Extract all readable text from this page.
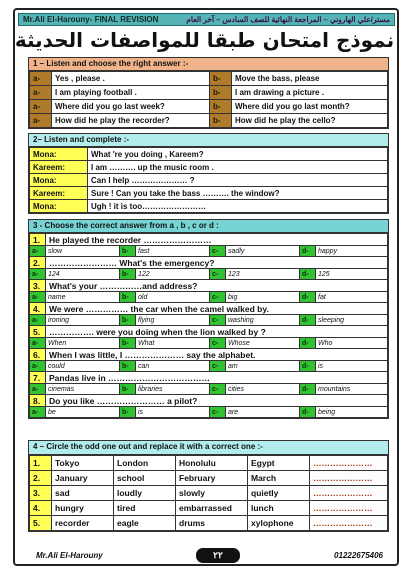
Mr.Ali El-Harouny- FINAL REVISION	مستر/علي الهاروني – المراجعة النهائية للصف السادس – آخر العام
نموذج امتحان طبقا للمواصفات الحديثة
1 – Listen and choose the right answer :-
a-	Yes , please .	b-	Move the bass, please
a-	I am playing football .	b-	I am drawing a picture .
a-	Where did you go last week?	b-	Where did you go last month?
a-	How did he play the recorder?	b-	How did he play the cello?
2– Listen and complete :-
Mona:	What 're you doing , Kareem?
Kareem:	I am ………. up the music room .
Mona:	Can I help ………………… ?
Kareem:	Sure ! Can you take the bass ………. the window?
Mona:	Ugh ! it is too……………………
3 - Choose the correct answer from a , b , c or d :
1.	He played the recorder ……………………						
a-	slow	b-	fast	c-	sadly	d-	happy
2.	…………………… What's the emergency?						
a-	124	b-	122	c-	123	d-	125
3.	What's your ……………and address?						
a-	name	b-	old	c-	big	d-	fat
4.	We were …………… the car when the camel walked by.						
a-	ironing	b-	flying	c-	washing	d-	sleeping
5.	……………. were you doing when the lion walked by ?						
a-	When	b-	What	c-	Whose	d-	Who
6.	When I was little, I ………………… say the alphabet.						
a-	could	b-	can	c-	am	d-	is
7.	Pandas live in ………………………………						
a-	cinemas	b-	libraries	c-	cities	d-	mountains
8.	Do you like …………………… a pilot?						
a-	be	b-	is	c-	are	d-	being
4 – Circle the odd one out and replace it with a correct one :-
1.	Tokyo	London	Honolulu	Egypt	…………………
2.	January	school	February	March	…………………
3.	sad	loudly	slowly	quietly	…………………
4.	hungry	tired	embarrassed	lunch	…………………
5.	recorder	eagle	drums	xylophone	…………………
Mr.Ali El-Harouny	٢٢	01222675406
